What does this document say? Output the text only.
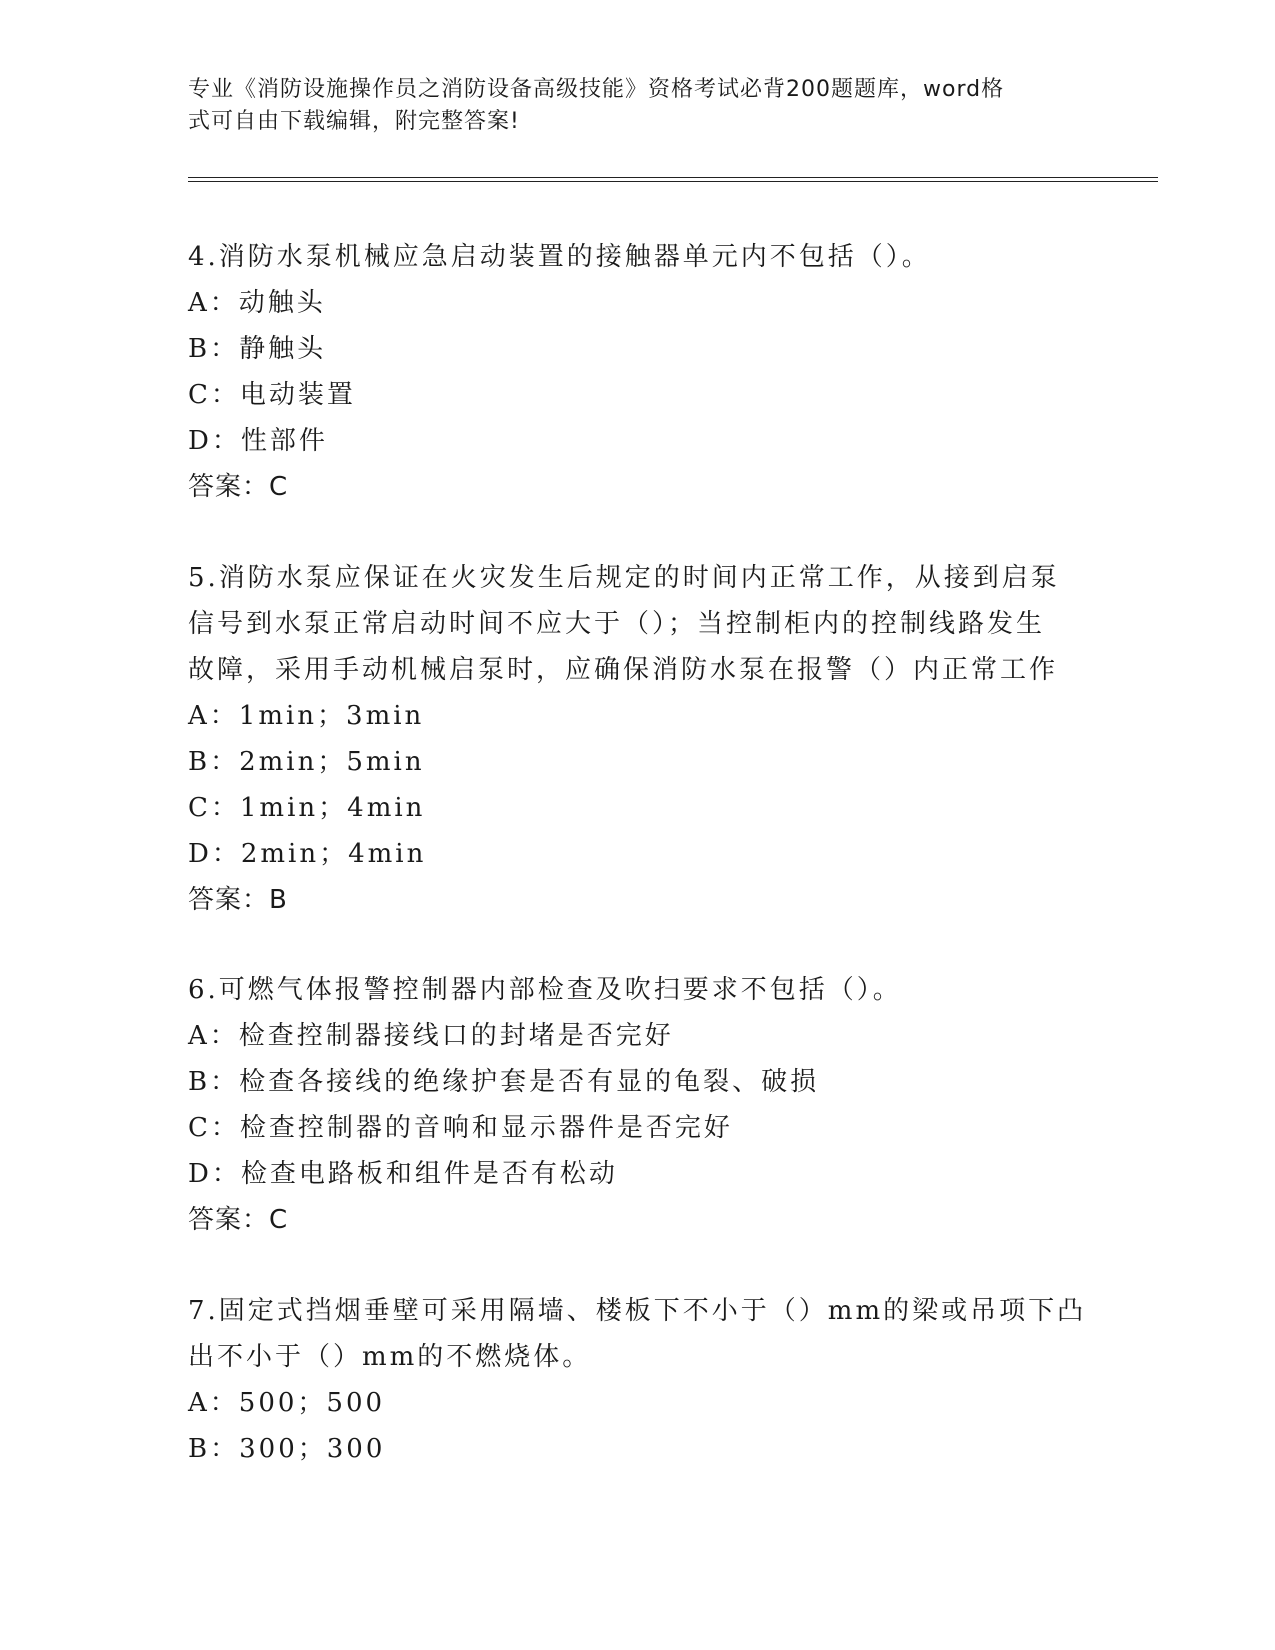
专业《消防设施操作员之消防设备高级技能》资格考试必背200题题库，word格
式可自由下载编辑，附完整答案!

4.消防水泵机械应急启动装置的接触器单元内不包括（）。

A：动触头

B：静触头

C：电动装置

D：性部件

答案：C

5.消防水泵应保证在火灾发生后规定的时间内正常工作，从接到启泵

信号到水泵正常启动时间不应大于（）；当控制柜内的控制线路发生

故障，采用手动机械启泵时，应确保消防水泵在报警（）内正常工作

A：1min；3min

B：2min；5min

C：1min；4min

D：2min；4min

答案：B

6.可燃气体报警控制器内部检查及吹扫要求不包括（）。

A：检查控制器接线口的封堵是否完好

B：检查各接线的绝缘护套是否有显的龟裂、破损

C：检查控制器的音响和显示器件是否完好

D：检查电路板和组件是否有松动

答案：C

7.固定式挡烟垂壁可采用隔墙、楼板下不小于（）mm的梁或吊项下凸

出不小于（）mm的不燃烧体。

A：500；500

B：300；300
